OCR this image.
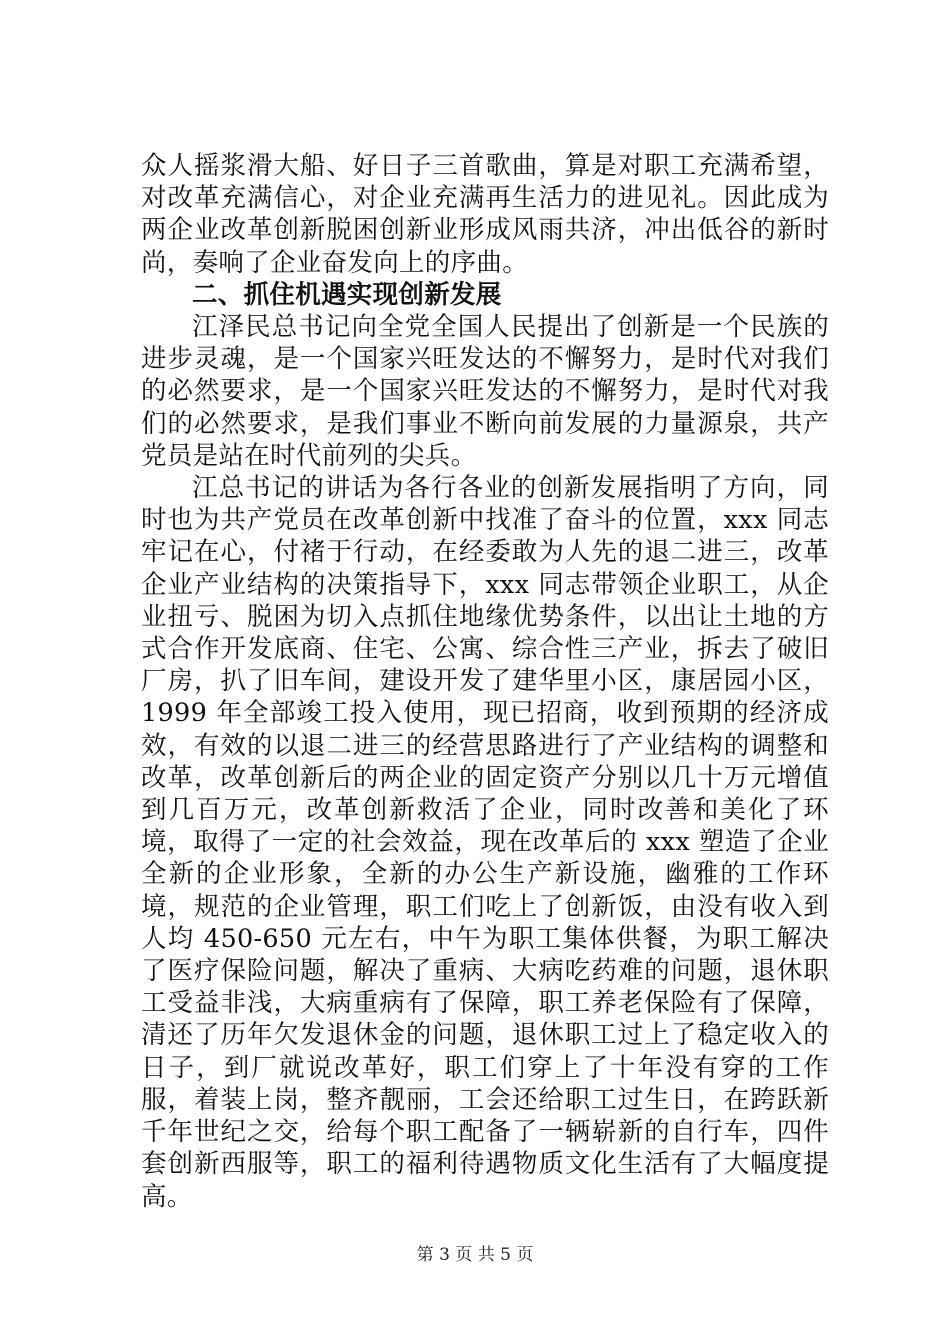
众人摇浆滑大船、好日子三首歌曲，算是对职工充满希望，对改革充满信心，对企业充满再生活力的进见礼。因此成为两企业改革创新脱困创新业形成风雨共济，冲出低谷的新时尚，奏响了企业奋发向上的序曲。

二、抓住机遇实现创新发展

江泽民总书记向全党全国人民提出了创新是一个民族的进步灵魂，是一个国家兴旺发达的不懈努力，是时代对我们的必然要求，是一个国家兴旺发达的不懈努力，是时代对我们的必然要求，是我们事业不断向前发展的力量源泉，共产党员是站在时代前列的尖兵。

江总书记的讲话为各行各业的创新发展指明了方向，同时也为共产党员在改革创新中找准了奋斗的位置，xxx 同志牢记在心，付褚于行动，在经委敢为人先的退二进三，改革企业产业结构的决策指导下，xxx 同志带领企业职工，从企业扭亏、脱困为切入点抓住地缘优势条件，以出让土地的方式合作开发底商、住宅、公寓、综合性三产业，拆去了破旧厂房，扒了旧车间，建设开发了建华里小区，康居园小区，1999 年全部竣工投入使用，现已招商，收到预期的经济成效，有效的以退二进三的经营思路进行了产业结构的调整和改革，改革创新后的两企业的固定资产分别以几十万元增值到几百万元，改革创新救活了企业，同时改善和美化了环境，取得了一定的社会效益，现在改革后的 xxx 塑造了企业全新的企业形象，全新的办公生产新设施，幽雅的工作环境，规范的企业管理，职工们吃上了创新饭，由没有收入到人均 450-650 元左右，中午为职工集体供餐，为职工解决了医疗保险问题，解决了重病、大病吃药难的问题，退休职工受益非浅，大病重病有了保障，职工养老保险有了保障，清还了历年欠发退休金的问题，退休职工过上了稳定收入的日子，到厂就说改革好，职工们穿上了十年没有穿的工作服，着装上岗，整齐靓丽，工会还给职工过生日，在跨跃新千年世纪之交，给每个职工配备了一辆崭新的自行车，四件套创新西服等，职工的福利待遇物质文化生活有了大幅度提高。

第 3 页 共 5 页
